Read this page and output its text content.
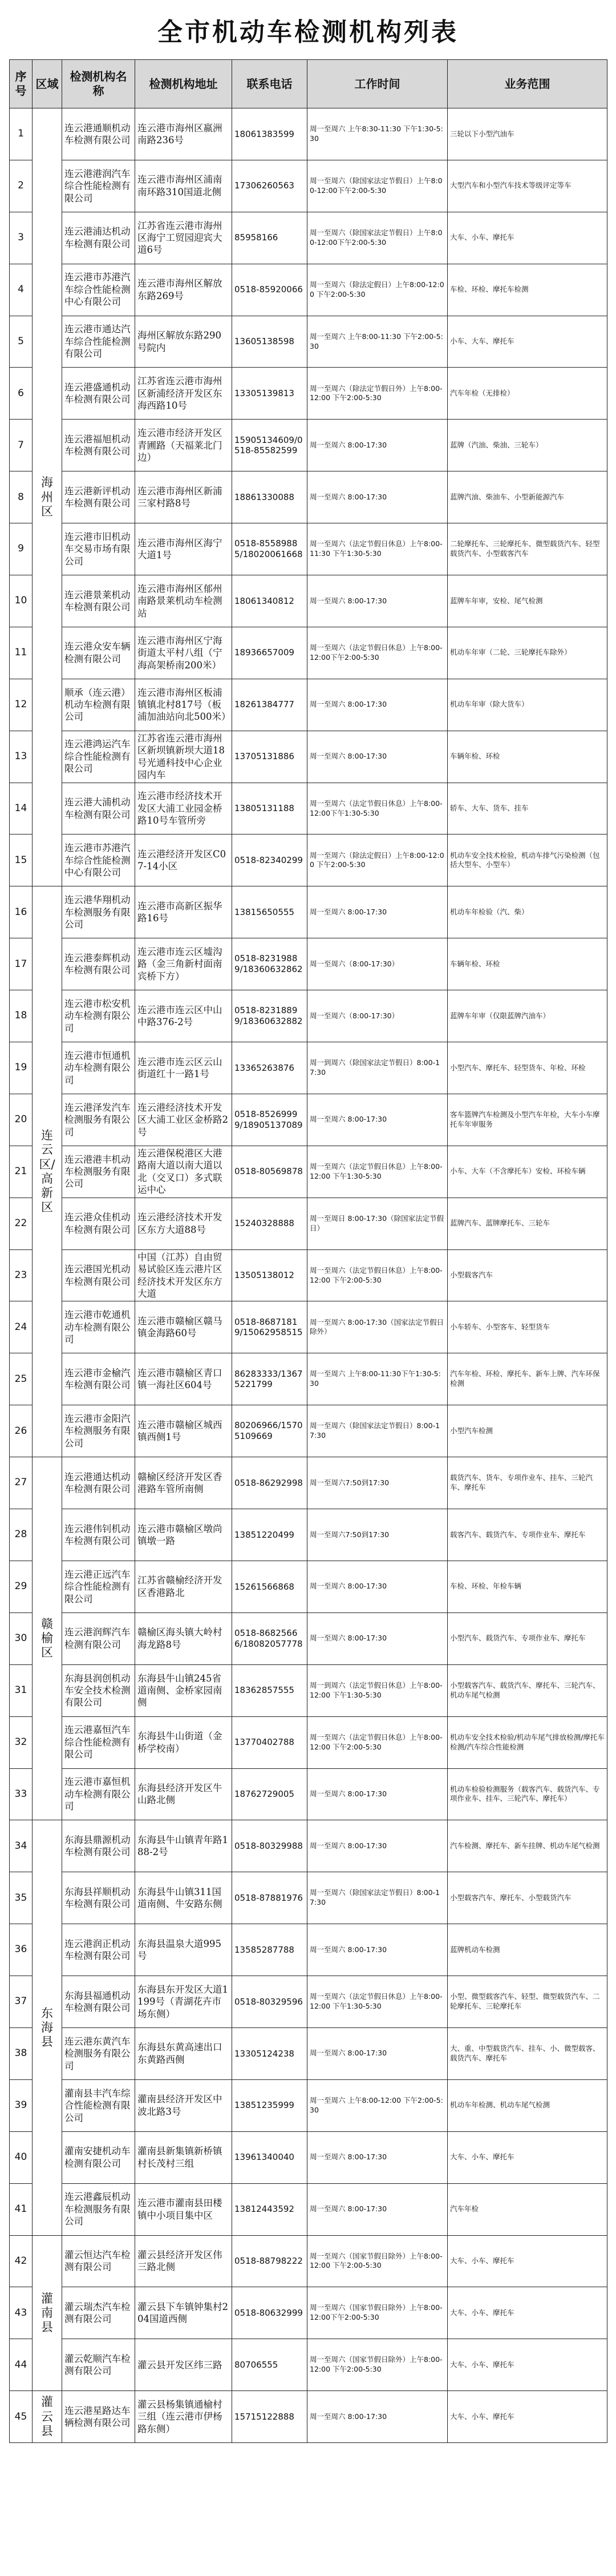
全市机动车检测机构列表
序号	区域	检测机构名称	检测机构地址	联系电话	工作时间	业务范围
1	海州区	连云港通顺机动车检测有限公司	连云港市海州区嬴洲南路236号	18061383599	周一至周六 上午8:30-11:30 下午1:30-5:30	三轮以下小型汽油车
2		连云港港润汽车综合性能检测有限公司	连云港市海州区浦南南环路310国道北侧	17306260563	周一至周六（除国家法定节假日）上午8:00-12:00下午2:00-5:30	大型汽车和小型汽车技术等级评定等车
3		连云港浦达机动车检测有限公司	江苏省连云港市海州区海宁工贸园迎宾大道6号	85958166	周一至周六（除国家法定节假日）上午8:00-12:00下午2:00-5:30	大车、小车、摩托车
4		连云港市苏港汽车综合性能检测中心有限公司	连云港市海州区解放东路269号	0518-85920066	周一至周六（除法定假日）上午8:00-12:00 下午2:00-5:30	车检、环检、摩托车检测
5		连云港市通达汽车综合性能检测有限公司	海州区解放东路290号院内	13605138598	周一至周六 上午8:00-11:30 下午2:00-5:30	小车、大车、摩托车
6		连云港盛通机动车检测有限公司	江苏省连云港市海州区新浦经济开发区东海西路10号	13305139813	周一至周六（除法定节假日外）上午8:00-12:00 下午2:00-5:30	汽车年检（无排检）
7		连云港福旭机动车检测有限公司	连云港市经济开发区青圃路（天福莱北门边）	15905134609/0518-85582599	周一至周六 8:00-17:30	蓝牌（汽油、柴油、三轮车）
8		连云港新评机动车检测有限公司	连云港市海州区新浦三家村路8号	18861330088	周一至周六 8:00-17:30	蓝牌汽油、柴油车、小型新能源汽车
9		连云港市旧机动车交易市场有限公司	连云港市海州区海宁大道1号	0518-85589885/18020061668	周一至周六（法定节假日休息）上午8:00-11:30 下午1:30-5:30	二轮摩托车、三轮摩托车、微型载货汽车、轻型载货汽车、小型载客汽车
10		连云港景莱机动车检测有限公司	连云港市海州区郁州南路景莱机动车检测站	18061340812	周一至周六 8:00-17:30	蓝牌车年审，安检、尾气检测
11		连云港众安车辆检测有限公司	连云港市海州区宁海街道太平村八组（宁海高架桥南200米）	18936657009	周一至周六（法定节假日休息）上午8:00-12:00下午2:00-5:30	机动车年审（二轮、三轮摩托车除外）
12		顺承（连云港）机动车检测有限公司	连云港市海州区板浦镇镇北村817号（板浦加油站向北500米）	18261384777	周一至周六 8:00-17:30	机动车年审（除大货车）
13		连云港鸿运汽车综合性能检测有限公司	江苏省连云港市海州区新坝镇新坝大道18号光通科技中心企业园内车	13705131886	周一至周六 8:00-17:30	车辆年检、环检
14		连云港大浦机动车检测有限公司	连云港市经济技术开发区大浦工业园金桥路10号车管所旁	13805131188	周一至周六（法定节假日休息）上午8:00-12:00下午1:30-5:30	轿车、大车、货车、挂车
15		连云港市苏港汽车综合性能检测中心有限公司	连云港经济开发区C07-14小区	0518-82340299	周一至周六（除法定假日）上午8:00-12:00 下午2:00-5:30	机动车安全技术检验，机动车排气污染检测（包括大型车、小型车）
16	连云区/高新区	连云港华翔机动车检测服务有限公司	连云港市高新区振华路16号	13815650555	周一至周六 8:00-17:30	机动车年检验（汽、柴）
17		连云港泰辉机动车检测有限公司	连云港市连云区墟沟路（金三角新村面南宾桥下方）	0518-82319889/18360632862	周一至周六（8:00-17:30）	车辆年检、环检
18		连云港市松安机动车检测有限公司	连云港市连云区中山中路376-2号	0518-82318899/18360632882	周一至周六（8:00-17:30）	蓝牌车年审（仅限蓝牌汽油车）
19		连云港市恒通机动车检测有限公司	连云港市连云区云山街道红十一路1号	13365263876	周一到周六（除国家法定节假日）8:00-17:30	小型汽车、摩托车、轻型货车、年检、环检
20		连云港泽发汽车检测服务有限公司	连云港经济技术开发区大浦工业区金桥路2号	0518-85269999/18905137089	周一至周六 8:00-17:30	客车篮牌汽车检测及小型汽车年检，大车小车摩托车年审服务
21		连云港港丰机动车检测服务有限公司	连云港保税港区大港路南大道以南大道以北（交叉口）多式联运中心	0518-80569878	周一至周六（法定节假日休息）上午8:00-12:00 下午1:30-5:30	小车、大车（不含摩托车）安检、环检车辆
22		连云港众佳机动车检测有限公司	连云港经济技术开发区东方大道88号	15240328888	周一至周日 8:00-17:30（除国家法定节假日）	蓝牌汽车、蓝牌摩托车、三轮车
23		连云港国光机动车检测有限公司	中国（江苏）自由贸易试验区连云港片区经济技术开发区东方大道	13505138012	周一至周六（法定节假日休息）上午8:00-12:00 下午2:00-5:30	小型载客汽车
24		连云港市乾通机动车检测有限公司	连云港市赣榆区赣马镇金海路60号	0518-86871819/15062958515	周一至周六 8:00-17:30（国家法定节假日除外）	小车轿车、小型客车、轻型货车
25		连云港市金榆汽车检测有限公司	连云港市赣榆区青口镇一海社区604号	86283333/13675221799	周一至周六 上午8:00-11:30下午1:30-5:30	汽车年检、环检、摩托车、新车上牌、汽车环保检测
26		连云港市金阳汽车检测服务有限公司	连云港市赣榆区城西镇西侧1号	80206966/15705109669	周一至周六（除国家法定节假日）8:00-17:30	小型汽车检测
27	赣榆区	连云港通达机动车检测有限公司	赣榆区经济开发区香港路车管所南侧	0518-86292998	周一至周六7:50到17:30	载货汽车、货车、专项作业车、挂车、三轮汽车、摩托车
28		连云港伟钊机动车检测有限公司	连云港市赣榆区墩尚镇墩一路	13851220499	周一至周六7:50到17:30	载客汽车、载货汽车、专项作业车、摩托车
29		连云港正远汽车综合性能检测有限公司	江苏省赣榆经济开发区香港路北	15261566868	周一至周六 8:00-17:30	车检、环检、年检车辆
30		连云港润辉汽车检测有限公司	赣榆区海头镇大岭村海龙路8号	0518-86825666/18082057778	周一至周六 8:00-17:30	小型汽车、载货汽车、专项作业车、摩托车
31		东海县润创机动车安全技术检测有限公司	东海县牛山镇245省道南侧、金桥家园南侧	18362857555	周一到周六（法定节假日休息）上午8:00-12:00 下午1:30-5:30	小型载客汽车、载货汽车、摩托车、三轮汽车、机动车尾气检测
32		连云港嘉恒汽车综合性能检测有限公司	东海县牛山街道（金桥学校南）	13770402788	周一至周六（法定节假日休息）上午8:00-12:00 下午2:00-5:30	机动车安全技术检验/机动车尾气排放检测/摩托车检测/汽车综合性能检测
33		连云港市嘉恒机动车检测有限公司	东海县经济开发区牛山路北侧	18762729005	周一至周六 8:00-17:30	机动车检验检测服务（载客汽车、载货汽车、专项作业车、挂车、三轮汽车、摩托车）
34	东海县	东海县鼎源机动车检测有限公司	东海县牛山镇青年路188-2号	0518-80329988	周一至周六 8:00-17:30	汽车检测、摩托车、新车挂牌、机动车尾气检测
35		东海县祥顺机动车检测有限公司	东海县牛山镇311国道南侧、牛安路东侧	0518-87881976	周一至周六（除国家法定节假日）8:00-17:30	小型载客汽车、摩托车、小型载货汽车
36		连云港润正机动车检测有限公司	东海县温泉大道995号	13585287788	周一至周六 8:00-17:30	蓝牌机动车检测
37		东海县福通机动车检测有限公司	东海县东开发区大道1199号（青湖花卉市场东侧）	0518-80329596	周一至周六（法定节假日休息）上午8:00-12:00 下午1:30-5:30	小型、微型载客汽车、轻型、微型载货汽车、二轮摩托车、三轮摩托车
38		连云港东黄汽车检测服务有限公司	东海县东黄高速出口东黄路西侧	13305124238	周一至周六 8:00-17:30	大、重、中型载货汽车、挂车、小、微型载客、载货汽车、摩托车
39		灌南县丰汽车综合性能检测有限公司	灌南县经济开发区中波北路3号	13851235999	周一至周六 上午8:00-12:00 下午2:00-5:30	机动车年检测、机动车尾气检测
40		灌南安捷机动车检测有限公司	灌南县新集镇新桥镇村长茂村三组	13961340040	周一至周六 8:00-17:30	大车、小车、摩托车
41		连云港鑫辰机动车检测服务有限公司	连云港市灌南县田楼镇中小项目集中区	13812443592	周一至周六 8:00-17:30	汽车年检
42	灌南县	灌云恒达汽车检测有限公司	灌云县经济开发区伟三路北侧	0518-88798222	周一至周六（国家节假日除外）上午8:00-12:00 下午2:00-5:30	大车、小车、摩托车
43		灌云瑞杰汽车检测有限公司	灌云县下车镇钟集村204国道西侧	0518-80632999	周一至周六（国家节假日除外）上午8:00-12:00下午2:00-5:30	大车、小车、摩托车
44		灌云乾顺汽车检测有限公司	灌云县开发区纬三路	80706555	周一至周六（国家节假日除外）上午8:00-12:00 下午2:00-5:30	大车、小车、摩托车
45	灌云县	连云港星路达车辆检测有限公司	灌云县杨集镇通榆村三组（连云港市伊杨路东侧）	15715122888	周一至周六 8:00-17:30	大车、小车、摩托车
